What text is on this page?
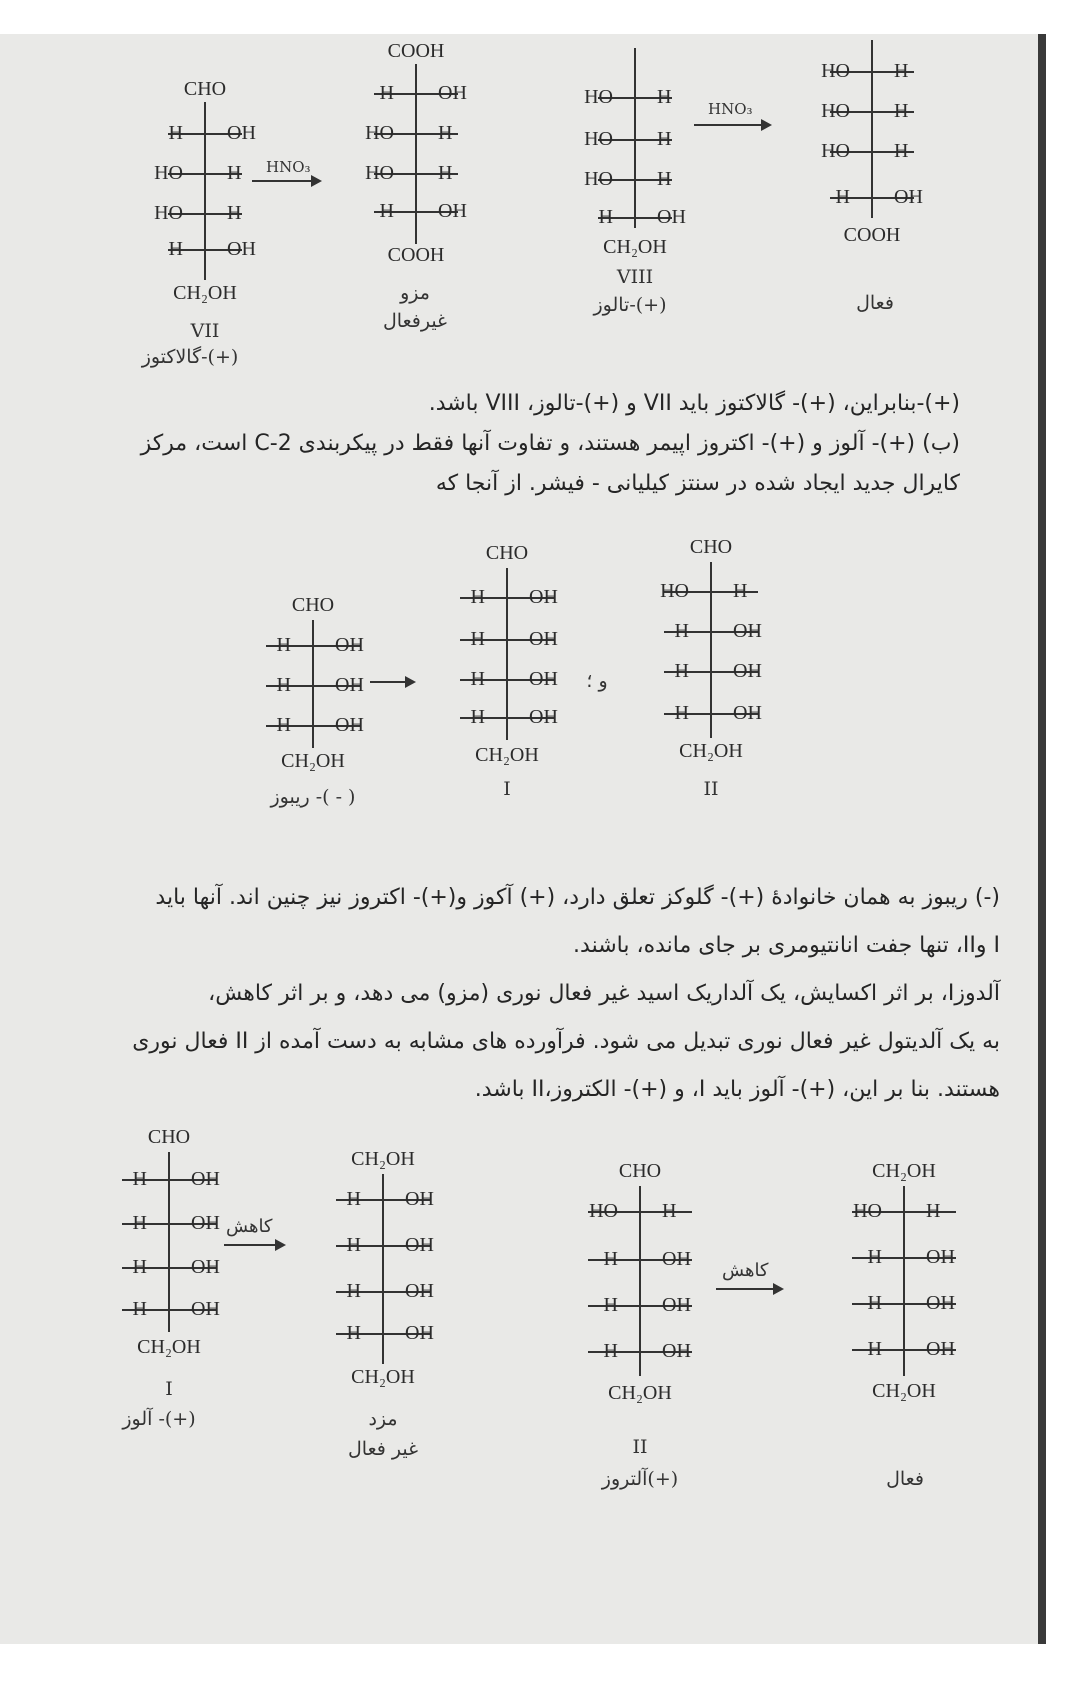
CHO
H OH
HO H
HO H
H OH
CH₂OH
VII
(+)-گالاکتوز
HNO₃
COOH
H OH
HO H
HO H
H OH
COOH
مزو
غیرفعال
HO H
HO H
HO H
H OH
CH₂OH
VIII
(+)-تالوز
HNO₃
HO H
HO H
HO H
H OH
COOH
فعال
(+)-بنابراین، (+)- گالاکتوز باید VII و (+)-تالوز، VIII باشد.
(ب) (+)- آلوز و (+)- اکتروز اپیمر هستند، و تفاوت آنها فقط در پیکربندی C-2 است، مرکز
کایرال جدید ایجاد شده در سنتز کیلیانی - فیشر. از آنجا که
CHO
H OH
H OH
H OH
CH₂OH
( - )- ریبوز
CHO
H OH
H OH
H OH
H OH
CH₂OH
I
و ؛
CHO
HO H
H OH
H OH
H OH
CH₂OH
II
(-) ریبوز به همان خانوادهٔ (+)- گلوکز تعلق دارد، (+) آکوز و(+)- اکتروز نیز چنین اند. آنها باید
I وII، تنها جفت انانتیومری بر جای مانده، باشند.
آلدوزI، بر اثر اکسایش، یک آلداریک اسید غیر فعال نوری (مزو) می دهد، و بر اثر کاهش،
به یک آلدیتول غیر فعال نوری تبدیل می شود. فرآورده های مشابه به دست آمده از II فعال نوری
هستند. بنا بر این، (+)- آلوز باید I، و (+)- الکتروز،II باشد.
CHO
H OH
H OH
H OH
H OH
CH₂OH
I
(+)- آلوز
کاهش
CH₂OH
H OH
H OH
H OH
H OH
CH₂OH
مزد
غیر فعال
CHO
HO H
H OH
H OH
H OH
CH₂OH
II
(+)آلتروز
کاهش
CH₂OH
HO H
H OH
H OH
H OH
CH₂OH
فعال
